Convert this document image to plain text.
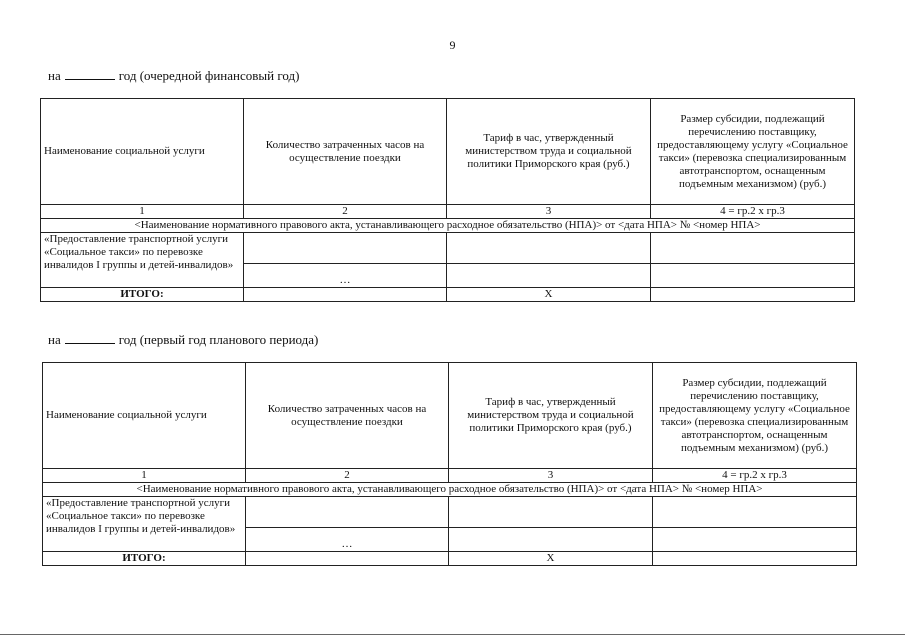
9
на	год (очередной финансовый год)
Наименование социальной услуги	Количество затраченных часов на осуществление поездки	Тариф в час, утвержденный министерством труда и социальной политики Приморского края (руб.)	Размер субсидии, подлежащий перечислению поставщику, предоставляющему услугу «Социальное такси» (перевозка специализированным автотранспортом, оснащенным подъемным механизмом) (руб.)
1	2	3	4 = гр.2 х гр.3
<Наименование нормативного правового акта, устанавливающего расходное обязательство (НПА)> от <дата НПА> № <номер НПА>			
«Предоставление транспортной услуги «Социальное такси» по перевозке инвалидов I группы и детей-инвалидов»			
	…		
ИТОГО:		Х	
на	год (первый год планового периода)
Наименование социальной услуги	Количество затраченных часов на осуществление поездки	Тариф в час, утвержденный министерством труда и социальной политики Приморского края (руб.)	Размер субсидии, подлежащий перечислению поставщику, предоставляющему услугу «Социальное такси» (перевозка специализированным автотранспортом, оснащенным подъемным механизмом) (руб.)
1	2	3	4 = гр.2 х гр.3
<Наименование нормативного правового акта, устанавливающего расходное обязательство (НПА)> от <дата НПА> № <номер НПА>			
«Предоставление транспортной услуги «Социальное такси» по перевозке инвалидов I группы и детей-инвалидов»			
	…		
ИТОГО:		Х	
